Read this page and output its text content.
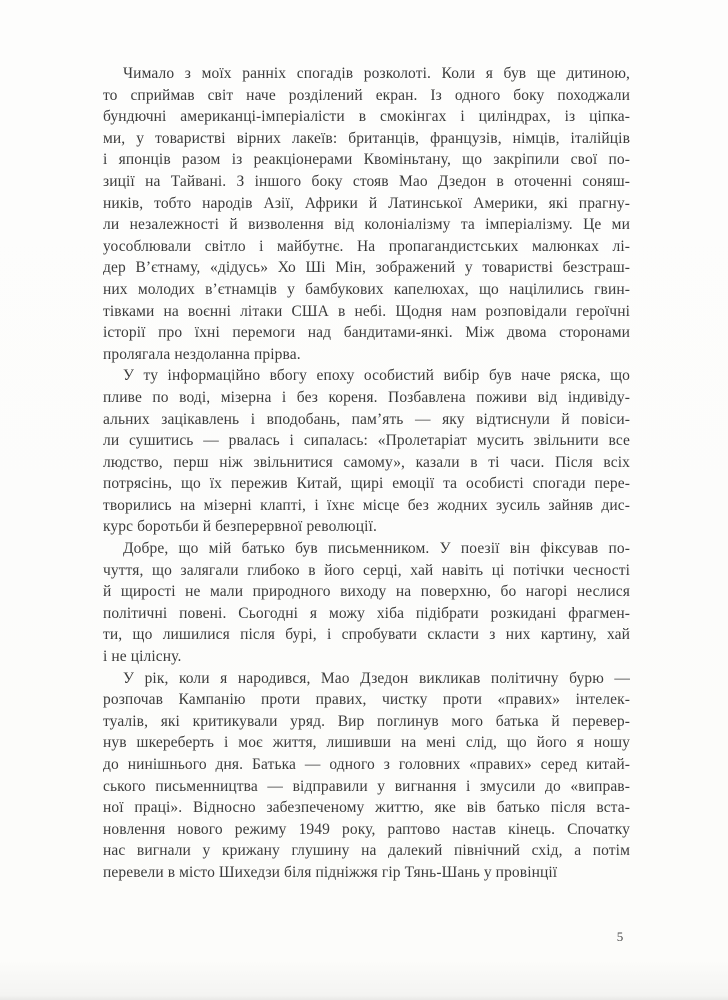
Чимало з моїх ранніх спогадів розколоті. Коли я був ще дитиною,
то сприймав світ наче розділений екран. Із одного боку походжали
бундючні американці-імперіалісти в смокінгах і циліндрах, із ціпка-
ми, у товаристві вірних лакеїв: британців, французів, німців, італійців
і японців разом із реакціонерами Квоміньтану, що закріпили свої по-
зиції на Тайвані. З іншого боку стояв Мао Дзедон в оточенні соняш-
ників, тобто народів Азії, Африки й Латинської Америки, які прагну-
ли незалежності й визволення від колоніалізму та імперіалізму. Це ми
уособлювали світло і майбутнє. На пропагандистських малюнках лі-
дер В’єтнаму, «дідусь» Хо Ші Мін, зображений у товаристві безстраш-
них молодих в’єтнамців у бамбукових капелюхах, що націлились гвин-
тівками на воєнні літаки США в небі. Щодня нам розповідали героїчні
історії про їхні перемоги над бандитами-янкі. Між двома сторонами
пролягала нездоланна прірва.

У ту інформаційно вбогу епоху особистий вибір був наче ряска, що
пливе по воді, мізерна і без кореня. Позбавлена поживи від індивіду-
альних зацікавлень і вподобань, пам’ять — яку відтиснули й повіси-
ли сушитись — рвалась і сипалась: «Пролетаріат мусить звільнити все
людство, перш ніж звільнитися самому», казали в ті часи. Після всіх
потрясінь, що їх пережив Китай, щирі емоції та особисті спогади пере-
творились на мізерні клапті, і їхнє місце без жодних зусиль зайняв дис-
курс боротьби й безперервної революції.

Добре, що мій батько був письменником. У поезії він фіксував по-
чуття, що залягали глибоко в його серці, хай навіть ці потічки чесності
й щирості не мали природного виходу на поверхню, бо нагорі неслися
політичні повені. Сьогодні я можу хіба підібрати розкидані фрагмен-
ти, що лишилися після бурі, і спробувати скласти з них картину, хай
і не цілісну.

У рік, коли я народився, Мао Дзедон викликав політичну бурю —
розпочав Кампанію проти правих, чистку проти «правих» інтелек-
туалів, які критикували уряд. Вир поглинув мого батька й перевер-
нув шкереберть і моє життя, лишивши на мені слід, що його я ношу
до нинішнього дня. Батька — одного з головних «правих» серед китай-
ського письменництва — відправили у вигнання і змусили до «виправ-
ної праці». Відносно забезпеченому життю, яке вів батько після вста-
новлення нового режиму 1949 року, раптово настав кінець. Спочатку
нас вигнали у крижану глушину на далекий північний схід, а потім
перевели в місто Шихедзи біля підніжжя гір Тянь-Шань у провінції

5
